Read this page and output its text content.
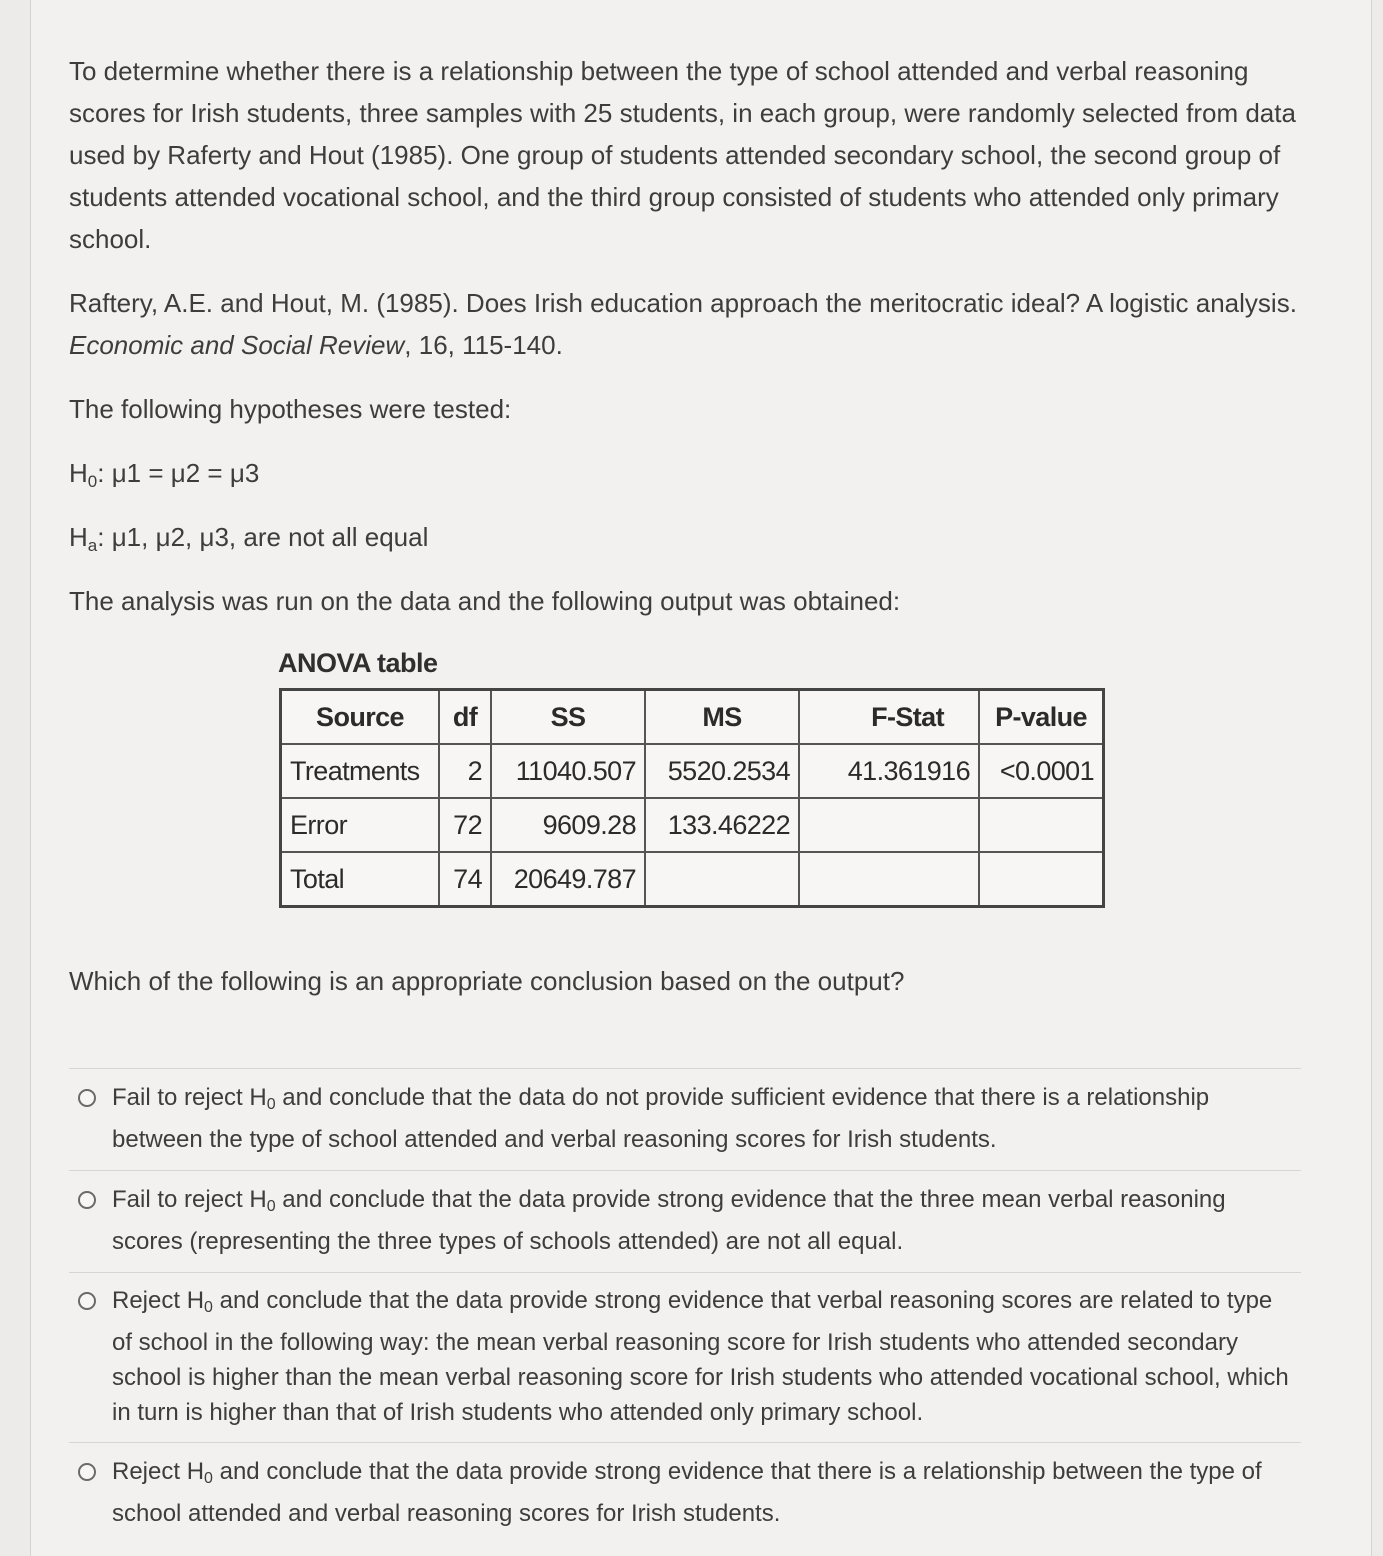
To determine whether there is a relationship between the type of school attended and verbal reasoning scores for Irish students, three samples with 25 students, in each group, were randomly selected from data used by Raferty and Hout (1985). One group of students attended secondary school, the second group of students attended vocational school, and the third group consisted of students who attended only primary school.

Raftery, A.E. and Hout, M. (1985). Does Irish education approach the meritocratic ideal? A logistic analysis. Economic and Social Review, 16, 115-140.

The following hypotheses were tested:
$H_0$: μ1 = μ2 = μ3
$H_a$: μ1, μ2, μ3, are not all equal
The analysis was run on the data and the following output was obtained:
ANOVA table
Source	df	SS	MS	F-Stat	P-value
Treatments	2	11040.507	5520.2534	41.361916	<0.0001
Error	72	9609.28	133.46222		
Total	74	20649.787			
Which of the following is an appropriate conclusion based on the output?
Fail to reject $H_0$ and conclude that the data do not provide sufficient evidence that there is a relationship between the type of school attended and verbal reasoning scores for Irish students.
Fail to reject $H_0$ and conclude that the data provide strong evidence that the three mean verbal reasoning scores (representing the three types of schools attended) are not all equal.
Reject $H_0$ and conclude that the data provide strong evidence that verbal reasoning scores are related to type of school in the following way: the mean verbal reasoning score for Irish students who attended secondary school is higher than the mean verbal reasoning score for Irish students who attended vocational school, which in turn is higher than that of Irish students who attended only primary school.
Reject $H_0$ and conclude that the data provide strong evidence that there is a relationship between the type of school attended and verbal reasoning scores for Irish students.
